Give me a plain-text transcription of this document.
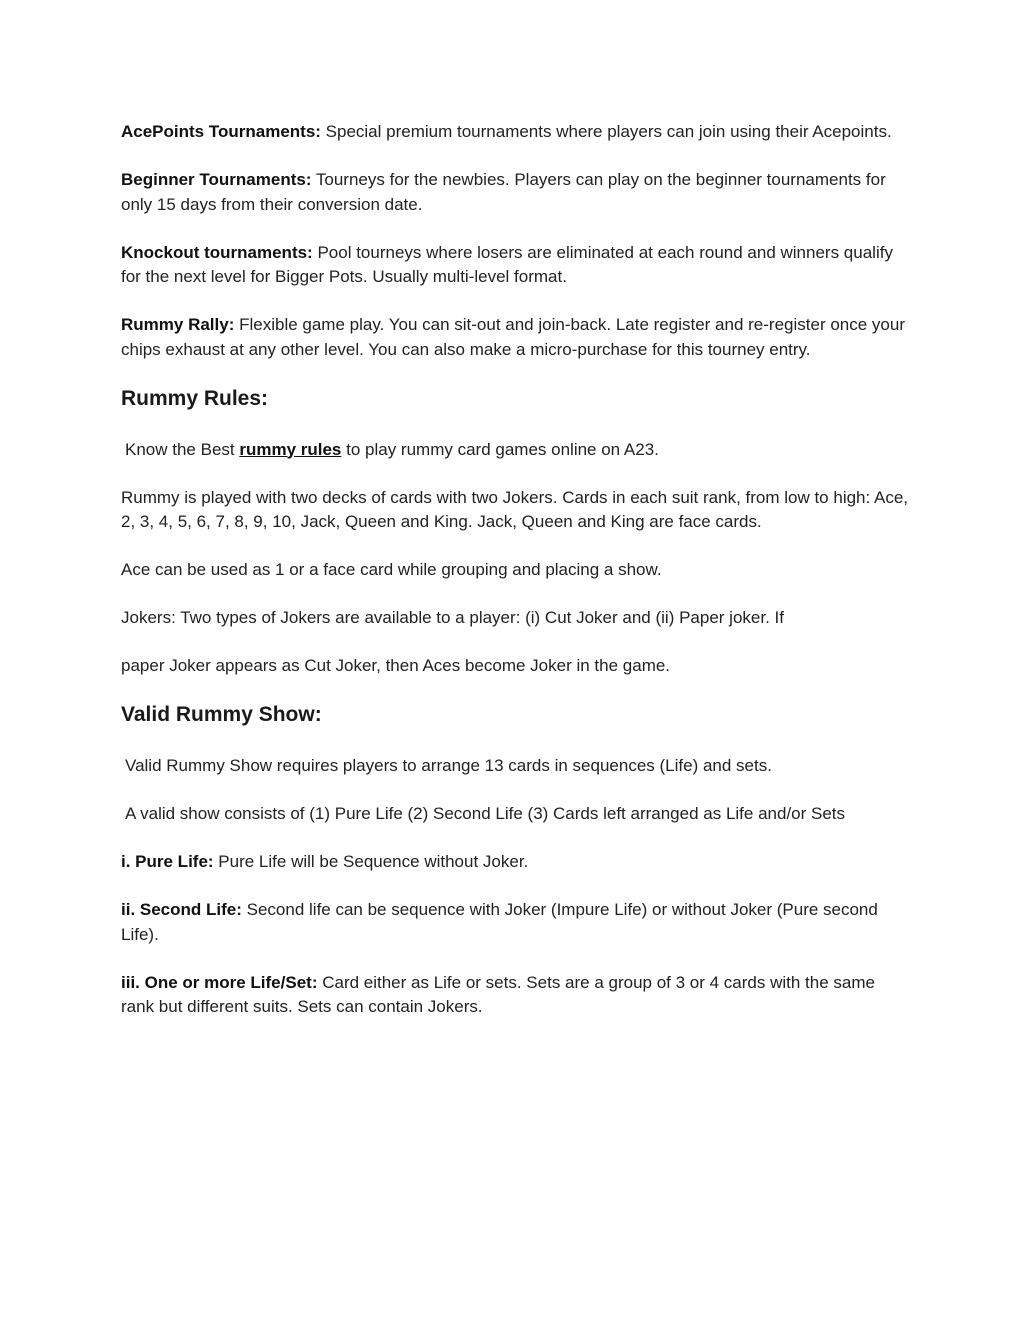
AcePoints Tournaments: Special premium tournaments where players can join using their Acepoints.

Beginner Tournaments: Tourneys for the newbies. Players can play on the beginner tournaments for only 15 days from their conversion date.

Knockout tournaments: Pool tourneys where losers are eliminated at each round and winners qualify for the next level for Bigger Pots. Usually multi-level format.

Rummy Rally: Flexible game play. You can sit-out and join-back. Late register and re-register once your chips exhaust at any other level. You can also make a micro-purchase for this tourney entry.

Rummy Rules:

Know the Best rummy rules to play rummy card games online on A23.

Rummy is played with two decks of cards with two Jokers. Cards in each suit rank, from low to high: Ace, 2, 3, 4, 5, 6, 7, 8, 9, 10, Jack, Queen and King. Jack, Queen and King are face cards.

Ace can be used as 1 or a face card while grouping and placing a show.

Jokers: Two types of Jokers are available to a player: (i) Cut Joker and (ii) Paper joker. If

paper Joker appears as Cut Joker, then Aces become Joker in the game.

Valid Rummy Show:

Valid Rummy Show requires players to arrange 13 cards in sequences (Life) and sets.

A valid show consists of (1) Pure Life (2) Second Life (3) Cards left arranged as Life and/or Sets

i. Pure Life: Pure Life will be Sequence without Joker.

ii. Second Life: Second life can be sequence with Joker (Impure Life) or without Joker (Pure second Life).

iii. One or more Life/Set: Card either as Life or sets. Sets are a group of 3 or 4 cards with the same rank but different suits. Sets can contain Jokers.
